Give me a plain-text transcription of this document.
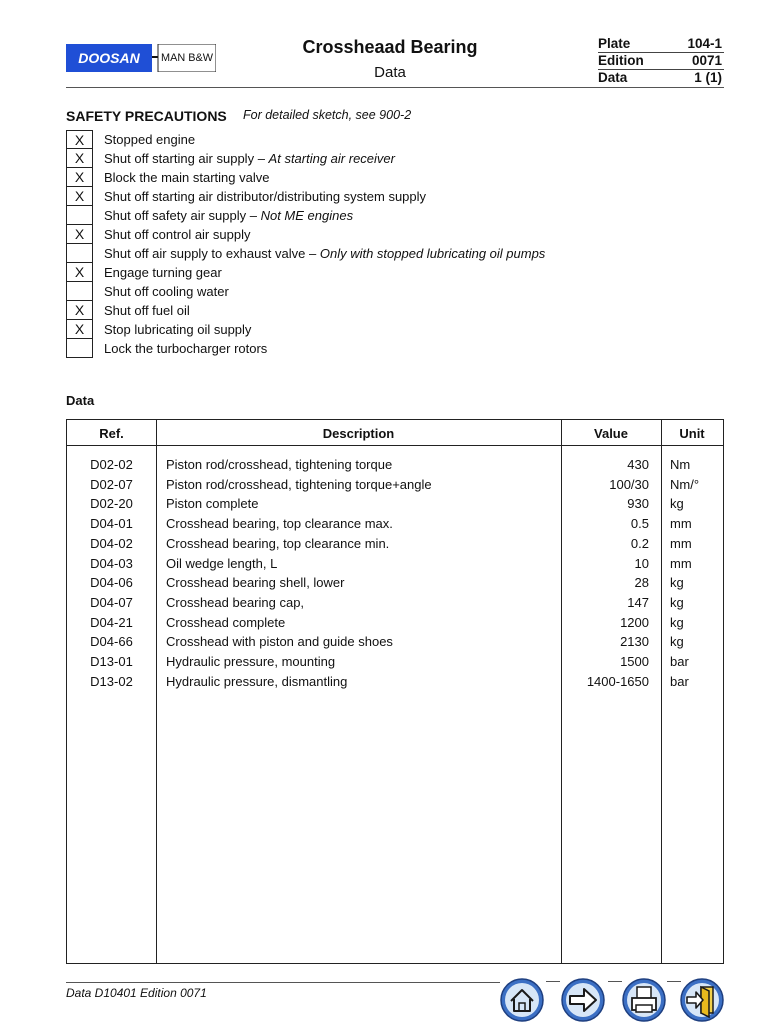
DOOSAN MAN B&W
Crossheaad Bearing
Data
Plate	104-1
Edition	0071
Data	1 (1)
SAFETY PRECAUTIONS For detailed sketch, see 900-2
X	Stopped engine
X	Shut off starting air supply – At starting air receiver
X	Block the main starting valve
X	Shut off starting air distributor/distributing system supply
Shut off safety air supply – Not ME engines
X	Shut off control air supply
Shut off air supply to exhaust valve – Only with stopped lubricating oil pumps
X	Engage turning gear
Shut off cooling water
X	Shut off fuel oil
X	Stop lubricating oil supply
Lock the turbocharger rotors
Data
Ref.	Description	Value	Unit
D02-02	Piston rod/crosshead, tightening torque	430 Nm
D02-07	Piston rod/crosshead, tightening torque+angle	100/30 Nm/°
D02-20	Piston complete	930 kg
D04-01	Crosshead bearing, top clearance max.	0.5 mm
D04-02	Crosshead bearing, top clearance min.	0.2 mm
D04-03	Oil wedge length, L	10 mm
D04-06	Crosshead bearing shell, lower	28 kg
D04-07	Crosshead bearing cap,	147 kg
D04-21	Crosshead complete	1200 kg
D04-66	Crosshead with piston and guide shoes	2130 kg
D13-01	Hydraulic pressure, mounting	1500 bar
D13-02	Hydraulic pressure, dismantling	1400-1650 bar
Data D10401 Edition 0071
